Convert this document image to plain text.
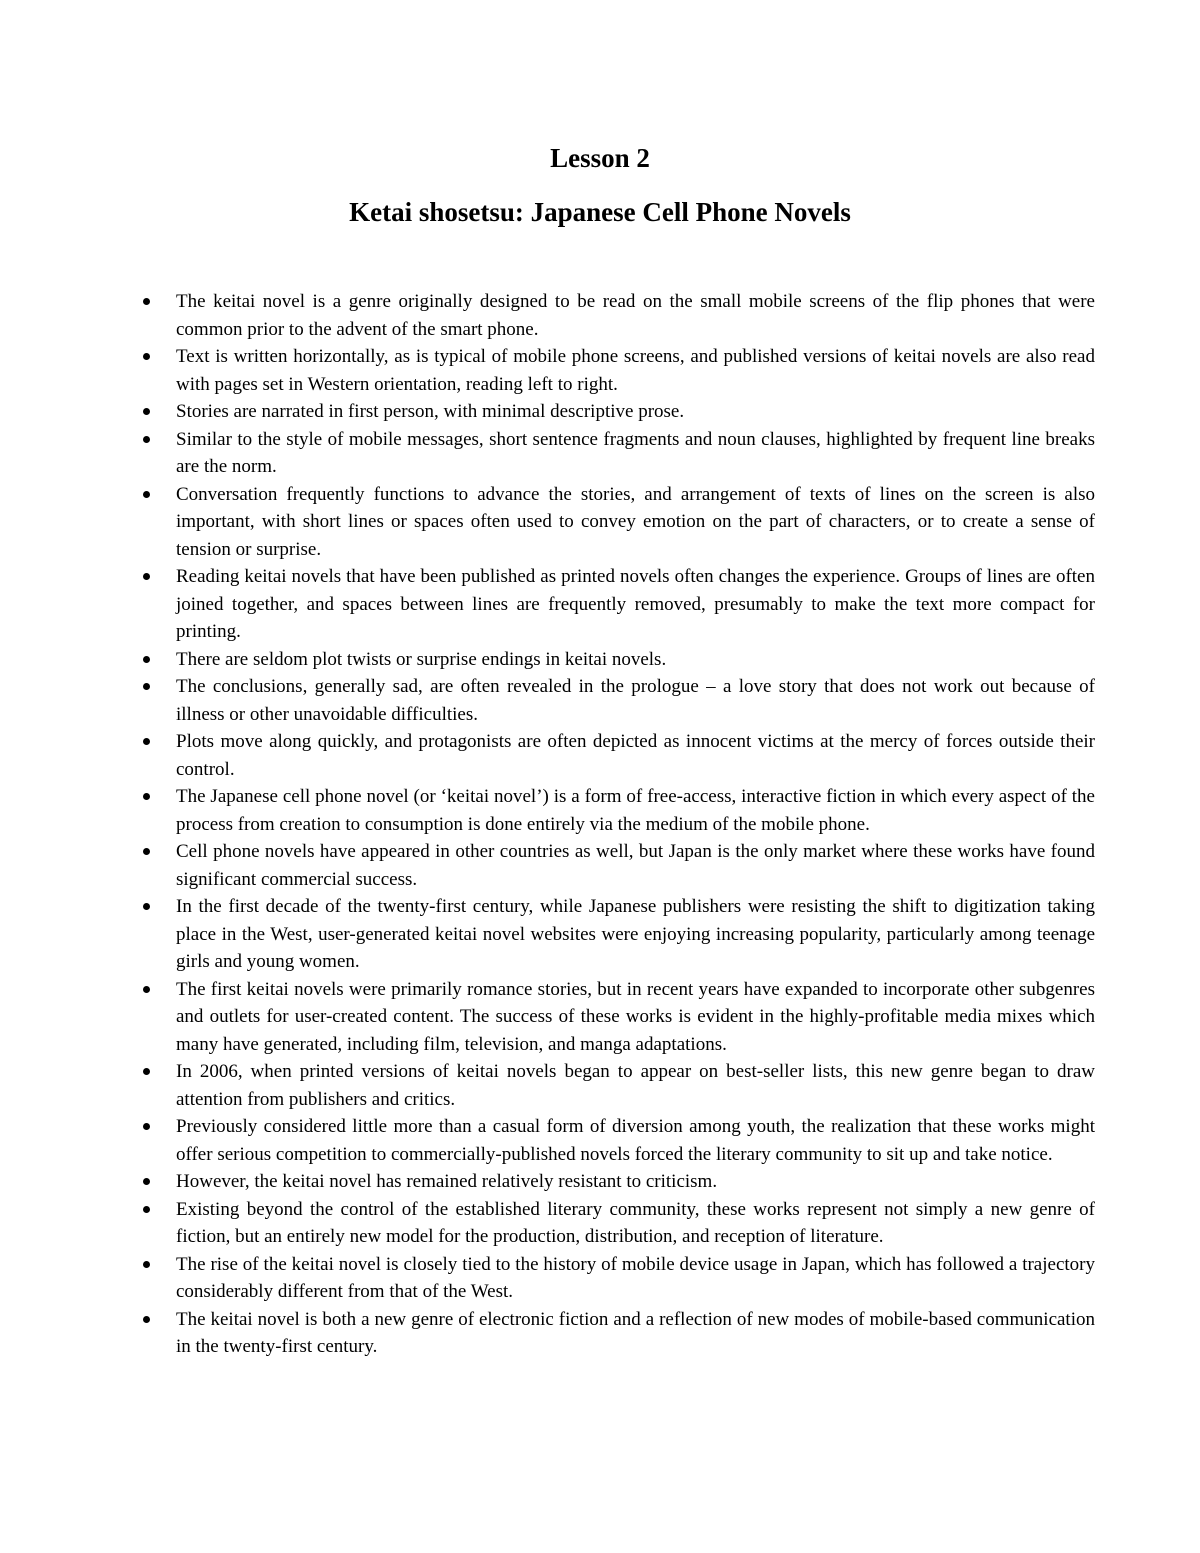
Lesson 2
Ketai shosetsu: Japanese Cell Phone Novels
The keitai novel is a genre originally designed to be read on the small mobile screens of the flip phones that were common prior to the advent of the smart phone.
Text is written horizontally, as is typical of mobile phone screens, and published versions of keitai novels are also read with pages set in Western orientation, reading left to right.
Stories are narrated in first person, with minimal descriptive prose.
Similar to the style of mobile messages, short sentence fragments and noun clauses, highlighted by frequent line breaks are the norm.
Conversation frequently functions to advance the stories, and arrangement of texts of lines on the screen is also important, with short lines or spaces often used to convey emotion on the part of characters, or to create a sense of tension or surprise.
Reading keitai novels that have been published as printed novels often changes the experience. Groups of lines are often joined together, and spaces between lines are frequently removed, presumably to make the text more compact for printing.
There are seldom plot twists or surprise endings in keitai novels.
The conclusions, generally sad, are often revealed in the prologue – a love story that does not work out because of illness or other unavoidable difficulties.
Plots move along quickly, and protagonists are often depicted as innocent victims at the mercy of forces outside their control.
The Japanese cell phone novel (or ‘keitai novel’) is a form of free-access, interactive fiction in which every aspect of the process from creation to consumption is done entirely via the medium of the mobile phone.
Cell phone novels have appeared in other countries as well, but Japan is the only market where these works have found significant commercial success.
In the first decade of the twenty-first century, while Japanese publishers were resisting the shift to digitization taking place in the West, user-generated keitai novel websites were enjoying increasing popularity, particularly among teenage girls and young women.
The first keitai novels were primarily romance stories, but in recent years have expanded to incorporate other subgenres and outlets for user-created content. The success of these works is evident in the highly-profitable media mixes which many have generated, including film, television, and manga adaptations.
In 2006, when printed versions of keitai novels began to appear on best-seller lists, this new genre began to draw attention from publishers and critics.
Previously considered little more than a casual form of diversion among youth, the realization that these works might offer serious competition to commercially-published novels forced the literary community to sit up and take notice.
However, the keitai novel has remained relatively resistant to criticism.
Existing beyond the control of the established literary community, these works represent not simply a new genre of fiction, but an entirely new model for the production, distribution, and reception of literature.
The rise of the keitai novel is closely tied to the history of mobile device usage in Japan, which has followed a trajectory considerably different from that of the West.
The keitai novel is both a new genre of electronic fiction and a reflection of new modes of mobile-based communication in the twenty-first century.
